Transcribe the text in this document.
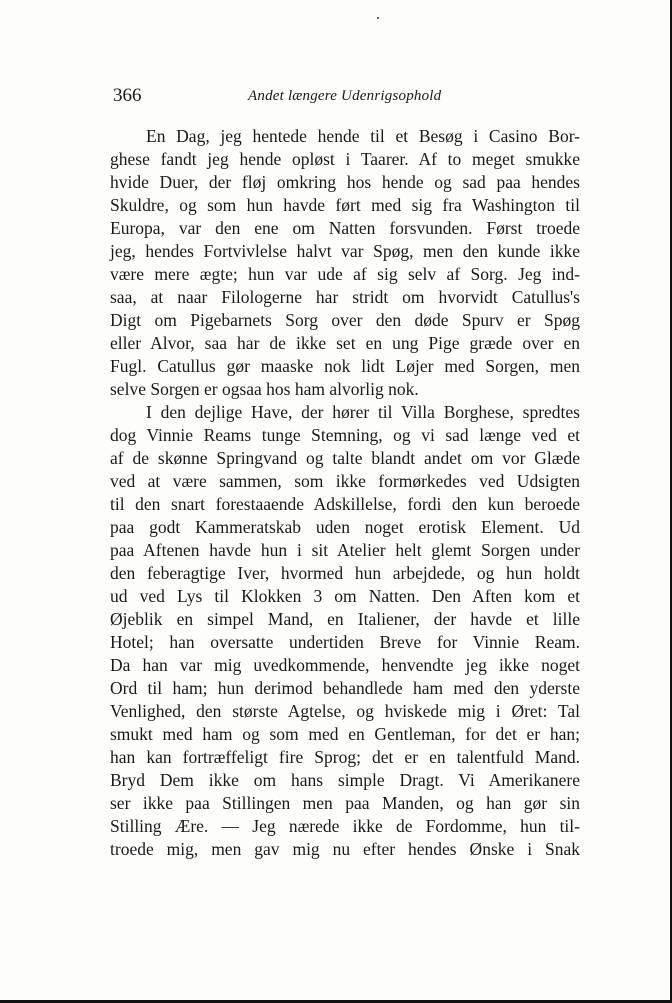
366	Andet længere Udenrigsophold
En Dag, jeg hentede hende til et Besøg i Casino Bor-
ghese fandt jeg hende opløst i Taarer. Af to meget smukke
hvide Duer, der fløj omkring hos hende og sad paa hendes
Skuldre, og som hun havde ført med sig fra Washington til
Europa, var den ene om Natten forsvunden. Først troede
jeg, hendes Fortvivlelse halvt var Spøg, men den kunde ikke
være mere ægte; hun var ude af sig selv af Sorg. Jeg ind-
saa, at naar Filologerne har stridt om hvorvidt Catullus's
Digt om Pigebarnets Sorg over den døde Spurv er Spøg
eller Alvor, saa har de ikke set en ung Pige græde over en
Fugl. Catullus gør maaske nok lidt Løjer med Sorgen, men
selve Sorgen er ogsaa hos ham alvorlig nok.
I den dejlige Have, der hører til Villa Borghese, spredtes
dog Vinnie Reams tunge Stemning, og vi sad længe ved et
af de skønne Springvand og talte blandt andet om vor Glæde
ved at være sammen, som ikke formørkedes ved Udsigten
til den snart forestaaende Adskillelse, fordi den kun beroede
paa godt Kammeratskab uden noget erotisk Element. Ud
paa Aftenen havde hun i sit Atelier helt glemt Sorgen under
den feberagtige Iver, hvormed hun arbejdede, og hun holdt
ud ved Lys til Klokken 3 om Natten. Den Aften kom et
Øjeblik en simpel Mand, en Italiener, der havde et lille
Hotel; han oversatte undertiden Breve for Vinnie Ream.
Da han var mig uvedkommende, henvendte jeg ikke noget
Ord til ham; hun derimod behandlede ham med den yderste
Venlighed, den største Agtelse, og hviskede mig i Øret: Tal
smukt med ham og som med en Gentleman, for det er han;
han kan fortræffeligt fire Sprog; det er en talentfuld Mand.
Bryd Dem ikke om hans simple Dragt. Vi Amerikanere
ser ikke paa Stillingen men paa Manden, og han gør sin
Stilling Ære. — Jeg nærede ikke de Fordomme, hun til-
troede mig, men gav mig nu efter hendes Ønske i Snak
